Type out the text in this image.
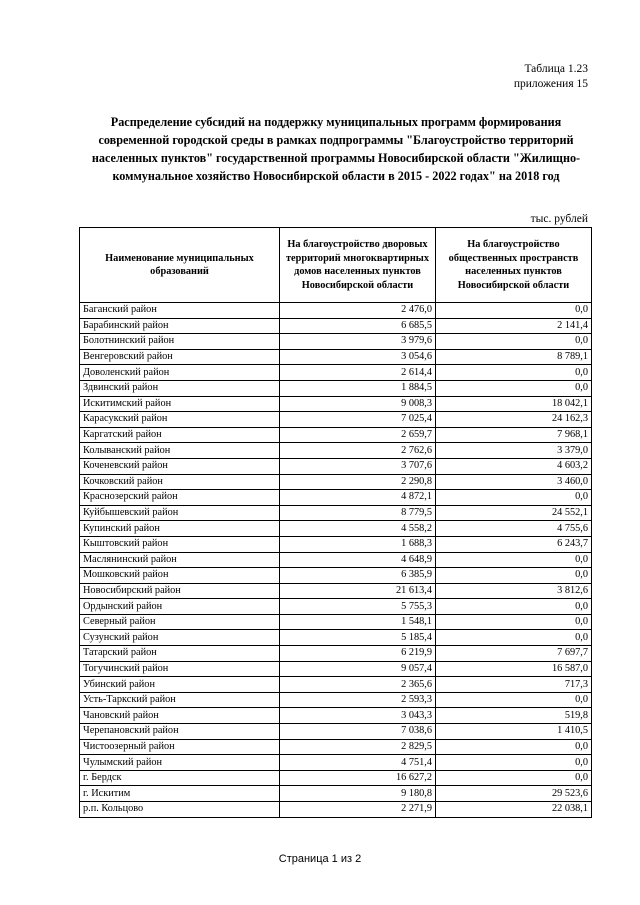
Таблица 1.23
приложения 15
Распределение субсидий на поддержку муниципальных программ формирования современной городской среды в рамках подпрограммы "Благоустройство территорий населенных пунктов" государственной программы Новосибирской области "Жилищно-коммунальное хозяйство Новосибирской области в 2015 - 2022 годах" на 2018 год
тыс. рублей
Наименование муниципальных образований	На благоустройство дворовых территорий многоквартирных домов населенных пунктов Новосибирской области	На благоустройство общественных пространств населенных пунктов Новосибирской области
Баганский район	2 476,0	0,0
Барабинский район	6 685,5	2 141,4
Болотнинский район	3 979,6	0,0
Венгеровский район	3 054,6	8 789,1
Доволенский район	2 614,4	0,0
Здвинский район	1 884,5	0,0
Искитимский район	9 008,3	18 042,1
Карасукский район	7 025,4	24 162,3
Каргатский район	2 659,7	7 968,1
Колыванский район	2 762,6	3 379,0
Коченевский район	3 707,6	4 603,2
Кочковский район	2 290,8	3 460,0
Краснозерский район	4 872,1	0,0
Куйбышевский район	8 779,5	24 552,1
Купинский район	4 558,2	4 755,6
Кыштовский район	1 688,3	6 243,7
Маслянинский район	4 648,9	0,0
Мошковский район	6 385,9	0,0
Новосибирский район	21 613,4	3 812,6
Ордынский район	5 755,3	0,0
Северный район	1 548,1	0,0
Сузунский район	5 185,4	0,0
Татарский район	6 219,9	7 697,7
Тогучинский район	9 057,4	16 587,0
Убинский район	2 365,6	717,3
Усть-Таркский район	2 593,3	0,0
Чановский район	3 043,3	519,8
Черепановский район	7 038,6	1 410,5
Чистоозерный район	2 829,5	0,0
Чулымский район	4 751,4	0,0
г. Бердск	16 627,2	0,0
г. Искитим	9 180,8	29 523,6
р.п. Кольцово	2 271,9	22 038,1
Страница 1 из 2
